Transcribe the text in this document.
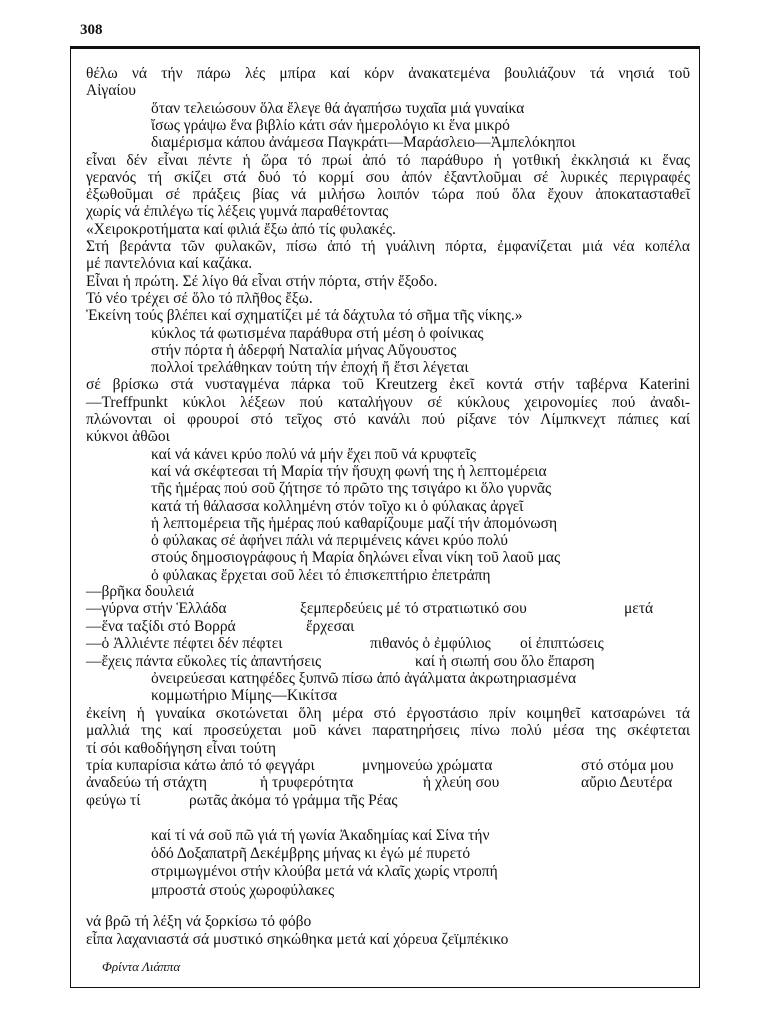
308
θέλω νά τήν πάρω λές μπίρα καί κόρν ἀνακατεμένα βουλιάζουν τά νησιά τοῦ
Αἰγαίου
ὅταν τελειώσουν ὅλα ἔλεγε θά ἀγαπήσω τυχαῖα μιά γυναίκα
ἴσως γράψω ἕνα βιβλίο κάτι σάν ἡμερολόγιο κι ἕνα μικρό
διαμέρισμα κάπου ἀνάμεσα Παγκράτι—Μαράσλειο—Ἀμπελόκηποι
εἶναι δέν εἶναι πέντε ἡ ὥρα τό πρωί ἀπό τό παράθυρο ἡ γοτθική ἐκκλησιά κι ἕνας
γερανός τή σκίζει στά δυό τό κορμί σου ἀπόν ἐξαντλοῦμαι σέ λυρικές περιγραφές
ἐξωθοῦμαι σέ πράξεις βίας νά μιλήσω λοιπόν τώρα πού ὅλα ἔχουν ἀποκατασταθεῖ
χωρίς νά ἐπιλέγω τίς λέξεις γυμνά παραθέτοντας
«Χειροκροτήματα καί φιλιά ἔξω ἀπό τίς φυλακές.
Στή βεράντα τῶν φυλακῶν, πίσω ἀπό τή γυάλινη πόρτα, ἐμφανίζεται μιά νέα κοπέλα
μέ παντελόνια καί καζάκα.
Εἶναι ἡ πρώτη. Σέ λίγο θά εἶναι στήν πόρτα, στήν ἔξοδο.
Τό νέο τρέχει σέ ὅλο τό πλῆθος ἔξω.
Ἐκείνη τούς βλέπει καί σχηματίζει μέ τά δάχτυλα τό σῆμα τῆς νίκης.»
κύκλος τά φωτισμένα παράθυρα στή μέση ὁ φοίνικας
στήν πόρτα ἡ ἀδερφή Ναταλία μήνας Αὔγουστος
πολλοί τρελάθηκαν τούτη τήν ἐποχή ἤ ἔτσι λέγεται
σέ βρίσκω στά νυσταγμένα πάρκα τοῦ Kreutzerg ἐκεῖ κοντά στήν ταβέρνα Katerini
—Treffpunkt κύκλοι λέξεων πού καταλήγουν σέ κύκλους χειρονομίες πού ἀναδι-
πλώνονται οἱ φρουροί στό τεῖχος στό κανάλι πού ρίξανε τόν Λίμπκνεχτ πάπιες καί
κύκνοι ἀθῶοι
καί νά κάνει κρύο πολύ νά μήν ἔχει ποῦ νά κρυφτεῖς
καί νά σκέφτεσαι τή Μαρία τήν ἥσυχη φωνή της ἡ λεπτομέρεια
τῆς ἡμέρας πού σοῦ ζήτησε τό πρῶτο της τσιγάρο κι ὅλο γυρνᾶς
κατά τή θάλασσα κολλημένη στόν τοῖχο κι ὁ φύλακας ἀργεῖ
ἡ λεπτομέρεια τῆς ἡμέρας πού καθαρίζουμε μαζί τήν ἀπομόνωση
ὁ φύλακας σέ ἀφήνει πάλι νά περιμένεις κάνει κρύο πολύ
στούς δημοσιογράφους ἡ Μαρία δηλώνει εἶναι νίκη τοῦ λαοῦ μας
ὁ φύλακας ἔρχεται σοῦ λέει τό ἐπισκεπτήριο ἐπετράπη
—βρῆκα δουλειά
—γύρνα στήν Ἑλλάδα	ξεμπερδεύεις μέ τό στρατιωτικό σου	μετά
—ἕνα ταξίδι στό Βορρά	ἔρχεσαι
—ὁ Ἀλλιέντε πέφτει δέν πέφτει	πιθανός ὁ ἐμφύλιος οἱ ἐπιπτώσεις
—ἔχεις πάντα εὔκολες τίς ἀπαντήσεις	καί ἡ σιωπή σου ὅλο ἔπαρση
ὀνειρεύεσαι κατηφέδες ξυπνῶ πίσω ἀπό ἀγάλματα ἀκρωτηριασμένα
κομμωτήριο Μίμης—Κικίτσα
ἐκείνη ἡ γυναίκα σκοτώνεται ὅλη μέρα στό ἐργοστάσιο πρίν κοιμηθεῖ κατσαρώνει τά
μαλλιά της καί προσεύχεται μοῦ κάνει παρατηρήσεις πίνω πολύ μέσα της σκέφτεται
τί σόι καθοδήγηση εἶναι τούτη
τρία κυπαρίσια κάτω ἀπό τό φεγγάρι	μνημονεύω χρώματα	στό στόμα μου
ἀναδεύω τή στάχτη	ἡ τρυφερότητα	ἡ χλεύη σου	αὔριο Δευτέρα
φεύγω τί	ρωτᾶς ἀκόμα τό γράμμα τῆς Ρέας
καί τί νά σοῦ πῶ γιά τή γωνία Ἀκαδημίας καί Σίνα τήν
ὁδό Δοξαπατρῆ Δεκέμβρης μήνας κι ἐγώ μέ πυρετό
στριμωγμένοι στήν κλούβα μετά νά κλαῖς χωρίς ντροπή
μπροστά στούς χωροφύλακες
νά βρῶ τή λέξη νά ξορκίσω τό φόβο
εἶπα λαχανιαστά σά μυστικό σηκώθηκα μετά καί χόρευα ζεϊμπέκικο
Φρίντα Λιάππα
